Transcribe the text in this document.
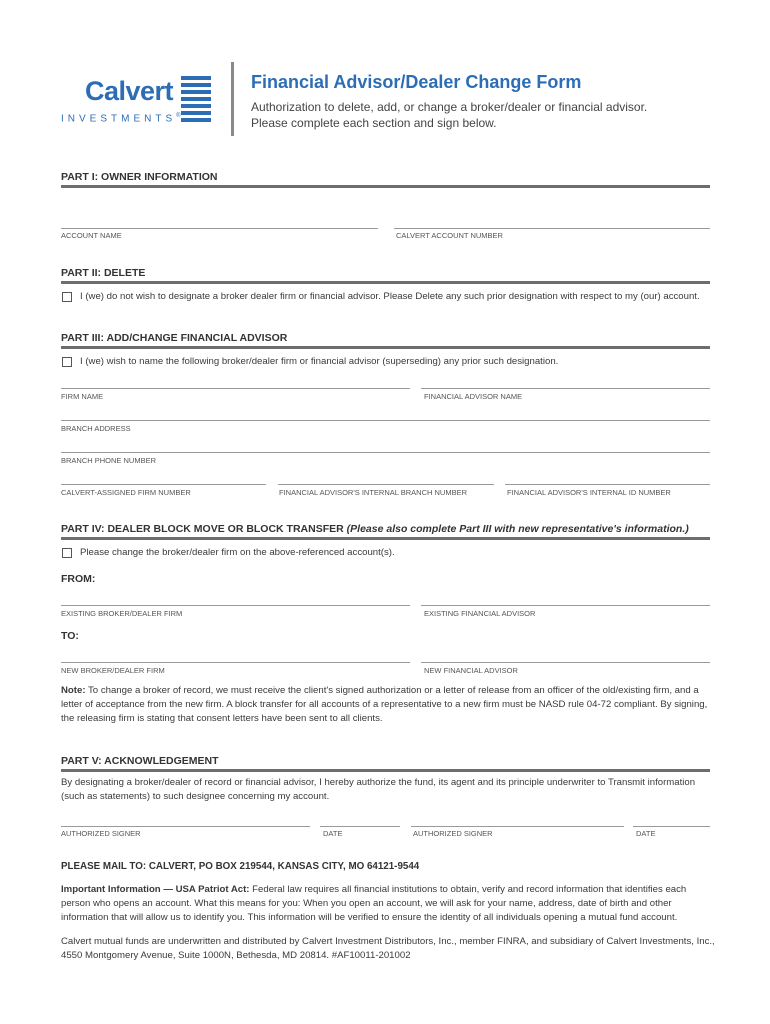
Calvert
INVESTMENTS®
Financial Advisor/Dealer Change Form
Authorization to delete, add, or change a broker/dealer or financial advisor.
Please complete each section and sign below.
PART I: OWNER INFORMATION
ACCOUNT NAME	CALVERT ACCOUNT NUMBER
PART II: DELETE
I (we) do not wish to designate a broker dealer firm or financial advisor. Please Delete any such prior designation with respect to my (our) account.
PART III: ADD/CHANGE FINANCIAL ADVISOR
I (we) wish to name the following broker/dealer firm or financial advisor (superseding) any prior such designation.
FIRM NAME	FINANCIAL ADVISOR NAME
BRANCH ADDRESS
BRANCH PHONE NUMBER
CALVERT-ASSIGNED FIRM NUMBER	FINANCIAL ADVISOR'S INTERNAL BRANCH NUMBER	FINANCIAL ADVISOR'S INTERNAL ID NUMBER
PART IV: DEALER BLOCK MOVE OR BLOCK TRANSFER (Please also complete Part III with new representative's information.)
Please change the broker/dealer firm on the above-referenced account(s).
FROM:
EXISTING BROKER/DEALER FIRM	EXISTING FINANCIAL ADVISOR
TO:
NEW BROKER/DEALER FIRM	NEW FINANCIAL ADVISOR
Note: To change a broker of record, we must receive the client's signed authorization or a letter of release from an officer of the old/existing firm, and a letter of acceptance from the new firm. A block transfer for all accounts of a representative to a new firm must be NASD rule 04-72 compliant. By signing, the releasing firm is stating that consent letters have been sent to all clients.
PART V: ACKNOWLEDGEMENT
By designating a broker/dealer of record or financial advisor, I hereby authorize the fund, its agent and its principle underwriter to Transmit information (such as statements) to such designee concerning my account.
AUTHORIZED SIGNER	DATE	AUTHORIZED SIGNER	DATE
PLEASE MAIL TO: CALVERT, PO BOX 219544, KANSAS CITY, MO 64121-9544
Important Information — USA Patriot Act: Federal law requires all financial institutions to obtain, verify and record information that identifies each person who opens an account. What this means for you: When you open an account, we will ask for your name, address, date of birth and other information that will allow us to identify you. This information will be verified to ensure the identity of all individuals opening a mutual fund account.
Calvert mutual funds are underwritten and distributed by Calvert Investment Distributors, Inc., member FINRA, and subsidiary of Calvert Investments, Inc.,
4550 Montgomery Avenue, Suite 1000N, Bethesda, MD 20814. #AF10011-201002
